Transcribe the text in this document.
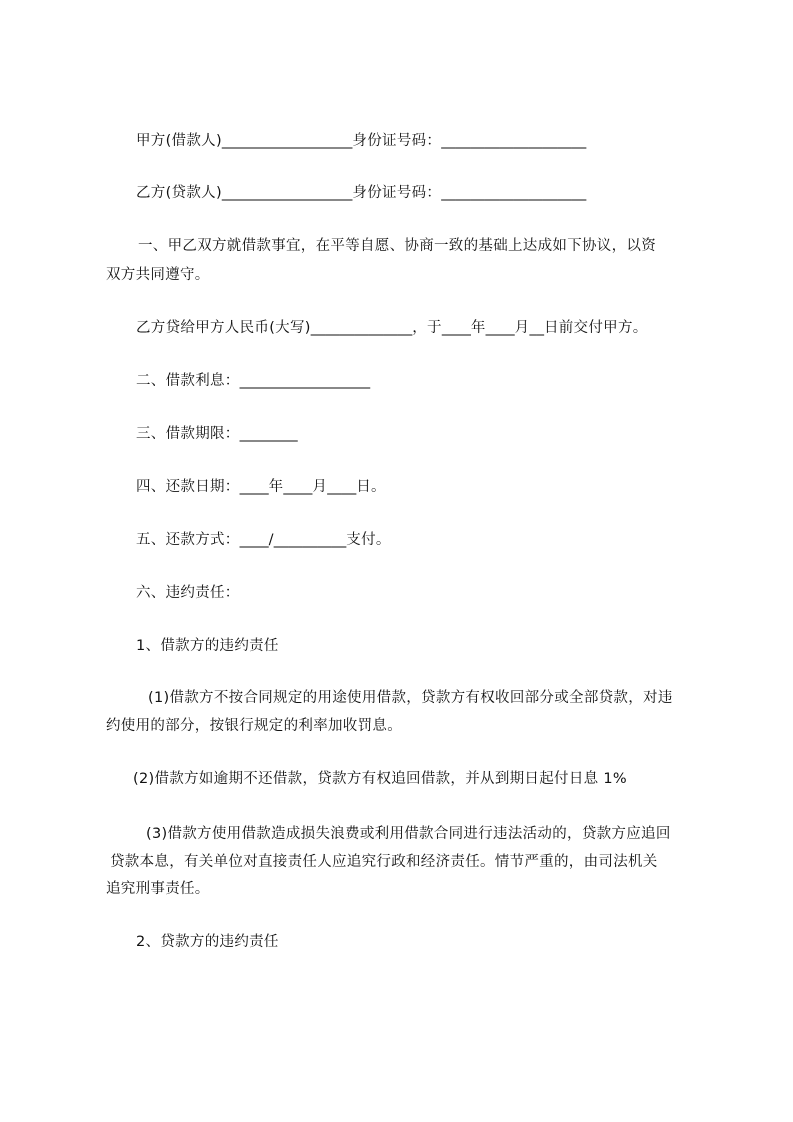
甲方(借款人)__________________身份证号码：____________________
乙方(贷款人)__________________身份证号码：____________________
一、甲乙双方就借款事宜，在平等自愿、协商一致的基础上达成如下协议，以资
双方共同遵守。
乙方贷给甲方人民币(大写)______________，于____年____月__日前交付甲方。
二、借款利息：__________________
三、借款期限：________
四、还款日期：____年____月____日。
五、还款方式：____/__________支付。
六、违约责任：
1、借款方的违约责任
(1)借款方不按合同规定的用途使用借款，贷款方有权收回部分或全部贷款，对违
约使用的部分，按银行规定的利率加收罚息。
(2)借款方如逾期不还借款，贷款方有权追回借款，并从到期日起付日息 1%
(3)借款方使用借款造成损失浪费或利用借款合同进行违法活动的，贷款方应追回
贷款本息，有关单位对直接责任人应追究行政和经济责任。情节严重的，由司法机关
追究刑事责任。
2、贷款方的违约责任
